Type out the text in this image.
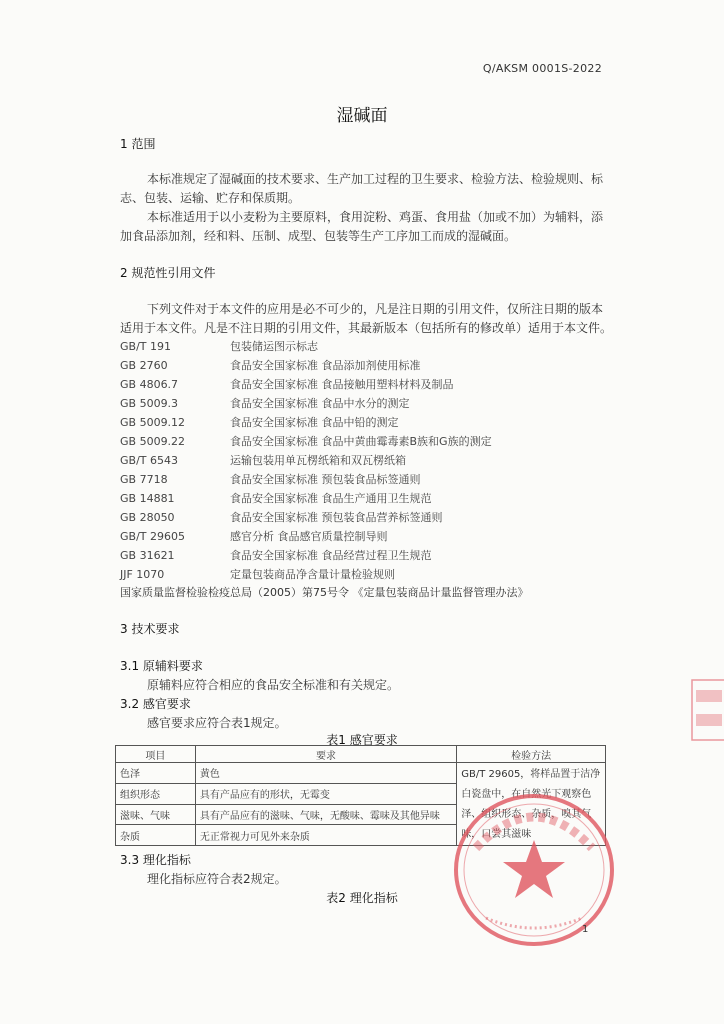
Q/AKSM 0001S-2022

湿碱面

1 范围

本标准规定了湿碱面的技术要求、生产加工过程的卫生要求、检验方法、检验规则、标

志、包装、运输、贮存和保质期。

本标准适用于以小麦粉为主要原料，食用淀粉、鸡蛋、食用盐（加或不加）为辅料，添

加食品添加剂，经和料、压制、成型、包装等生产工序加工而成的湿碱面。

2 规范性引用文件

下列文件对于本文件的应用是必不可少的，凡是注日期的引用文件，仅所注日期的版本

适用于本文件。凡是不注日期的引用文件，其最新版本（包括所有的修改单）适用于本文件。

GB/T 191	包装储运图示标志
GB 2760	食品安全国家标准 食品添加剂使用标准
GB 4806.7	食品安全国家标准 食品接触用塑料材料及制品
GB 5009.3	食品安全国家标准 食品中水分的测定
GB 5009.12	食品安全国家标准 食品中铅的测定
GB 5009.22	食品安全国家标准 食品中黄曲霉毒素B族和G族的测定
GB/T 6543	运输包装用单瓦楞纸箱和双瓦楞纸箱
GB 7718	食品安全国家标准 预包装食品标签通则
GB 14881	食品安全国家标准 食品生产通用卫生规范
GB 28050	食品安全国家标准 预包装食品营养标签通则
GB/T 29605	感官分析 食品感官质量控制导则
GB 31621	食品安全国家标准 食品经营过程卫生规范
JJF 1070	定量包装商品净含量计量检验规则

国家质量监督检验检疫总局（2005）第75号令 《定量包装商品计量监督管理办法》

3 技术要求

3.1 原辅料要求

原辅料应符合相应的食品安全标准和有关规定。

3.2 感官要求

感官要求应符合表1规定。

表1 感官要求

项目	要求	检验方法
色泽	黄色	GB/T 29605，将样品置于洁净白瓷盘中，在自然光下观察色泽、组织形态、杂质，嗅其气味，口尝其滋味
组织形态	具有产品应有的形状，无霉变	
滋味、气味	具有产品应有的滋味、气味，无酸味、霉味及其他异味	
杂质	无正常视力可见外来杂质	

3.3 理化指标

理化指标应符合表2规定。

表2 理化指标

1
